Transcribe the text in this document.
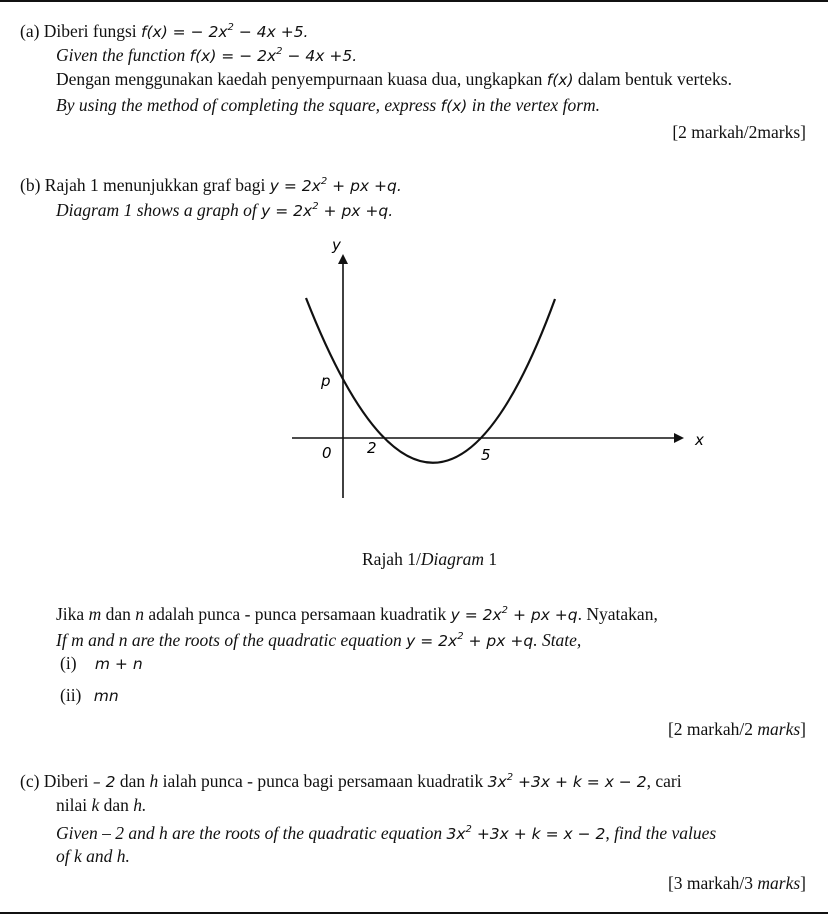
(a) Diberi fungsi f(x) = − $2x^2 - 4x +5$.
Given the function f(x) = − $2x^2 - 4x +5$.
Dengan menggunakan kaedah penyempurnaan kuasa dua, ungkapkan f(x) dalam bentuk verteks.
By using the method of completing the square, express f(x) in the vertex form.
[2 markah/2marks]
(b) Rajah 1 menunjukkan graf bagi $y = 2x^2$ + px +q.
Diagram 1 shows a graph of $y = 2x^2$ + px +q.
y
x
p
0 2	5
Rajah 1/Diagram 1
Jika m dan n adalah punca - punca persamaan kuadratik $y = 2x^2$ + px +q. Nyatakan,
If m and n are the roots of the quadratic equation $y = 2x^2$ + px +q. State,
(i) m + n
(ii) mn
[2 markah/2 marks]
(c) Diberi – 2 dan h ialah punca - punca bagi persamaan kuadratik $3x^2 +3x + k = x - 2$, cari
nilai k dan h.
Given – 2 and h are the roots of the quadratic equation $3x^2 +3x + k = x - 2$, find the values
of k and h.
[3 markah/3 marks]
